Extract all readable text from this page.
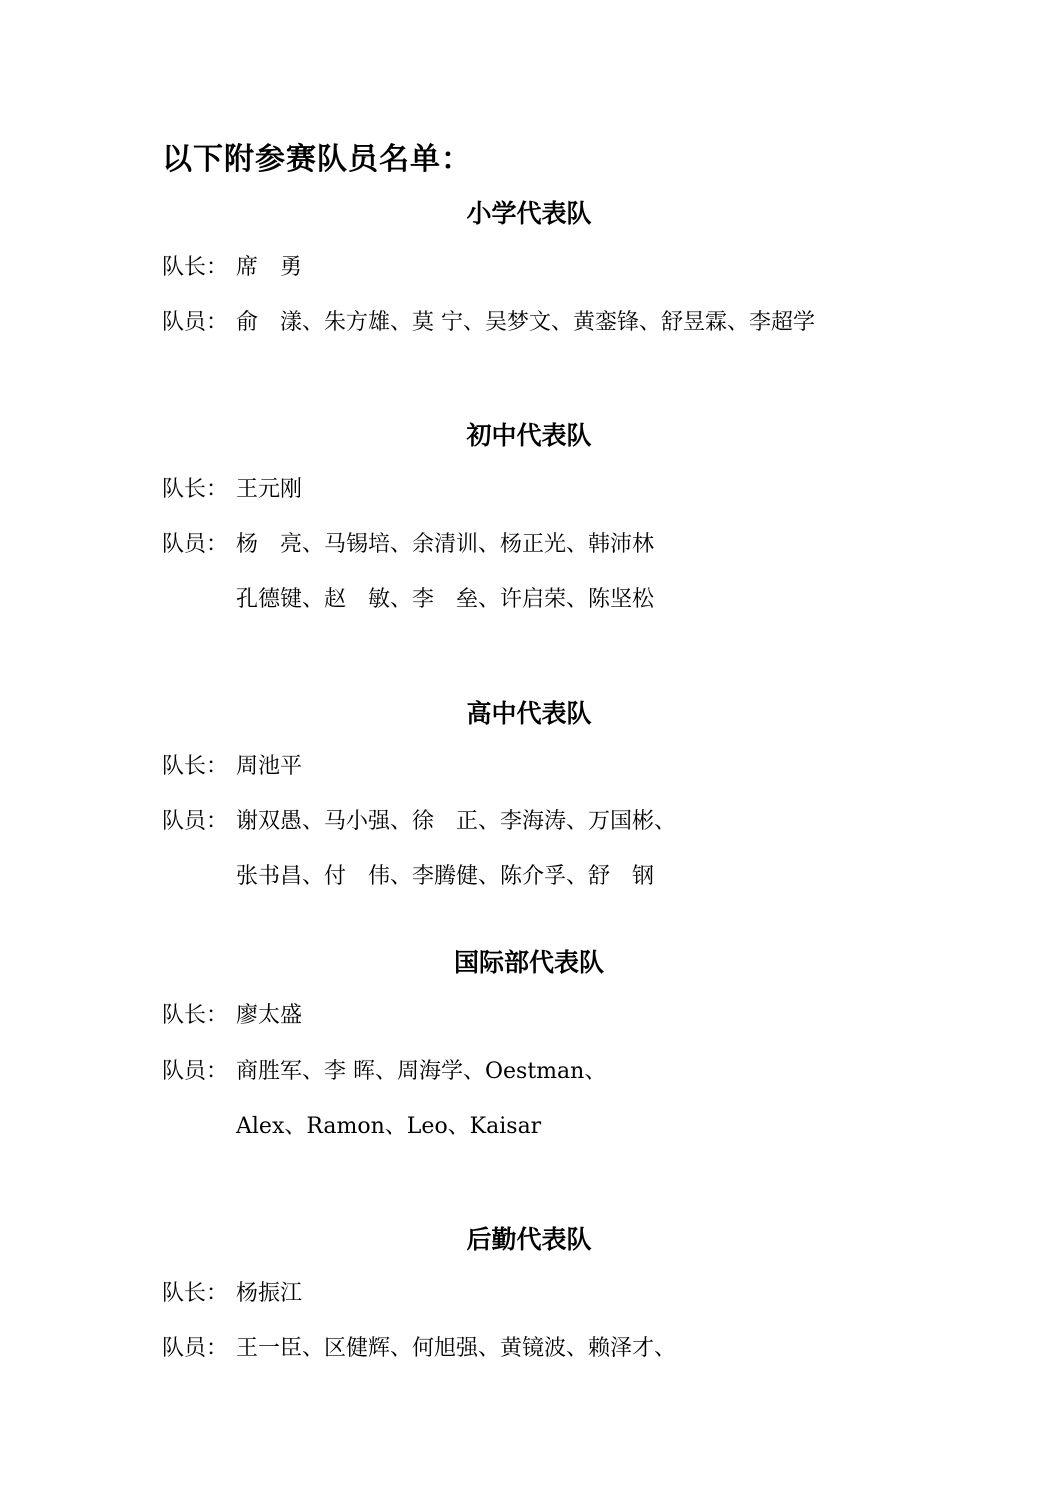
以下附参赛队员名单：
小学代表队
队长： 席　勇
队员： 俞　漾、朱方雄、莫 宁、吴梦文、黄銮锋、舒昱霖、李超学
初中代表队
队长： 王元刚
队员： 杨　亮、马锡培、余清训、杨正光、韩沛林
孔德键、赵　敏、李　垒、许启荣、陈坚松
高中代表队
队长： 周池平
队员： 谢双愚、马小强、徐　正、李海涛、万国彬、
张书昌、付　伟、李腾健、陈介孚、舒　钢
国际部代表队
队长： 廖太盛
队员： 商胜军、李 晖、周海学、Oestman、
Alex、Ramon、Leo、Kaisar
后勤代表队
队长： 杨振江
队员： 王一臣、区健辉、何旭强、黄镜波、赖泽才、
